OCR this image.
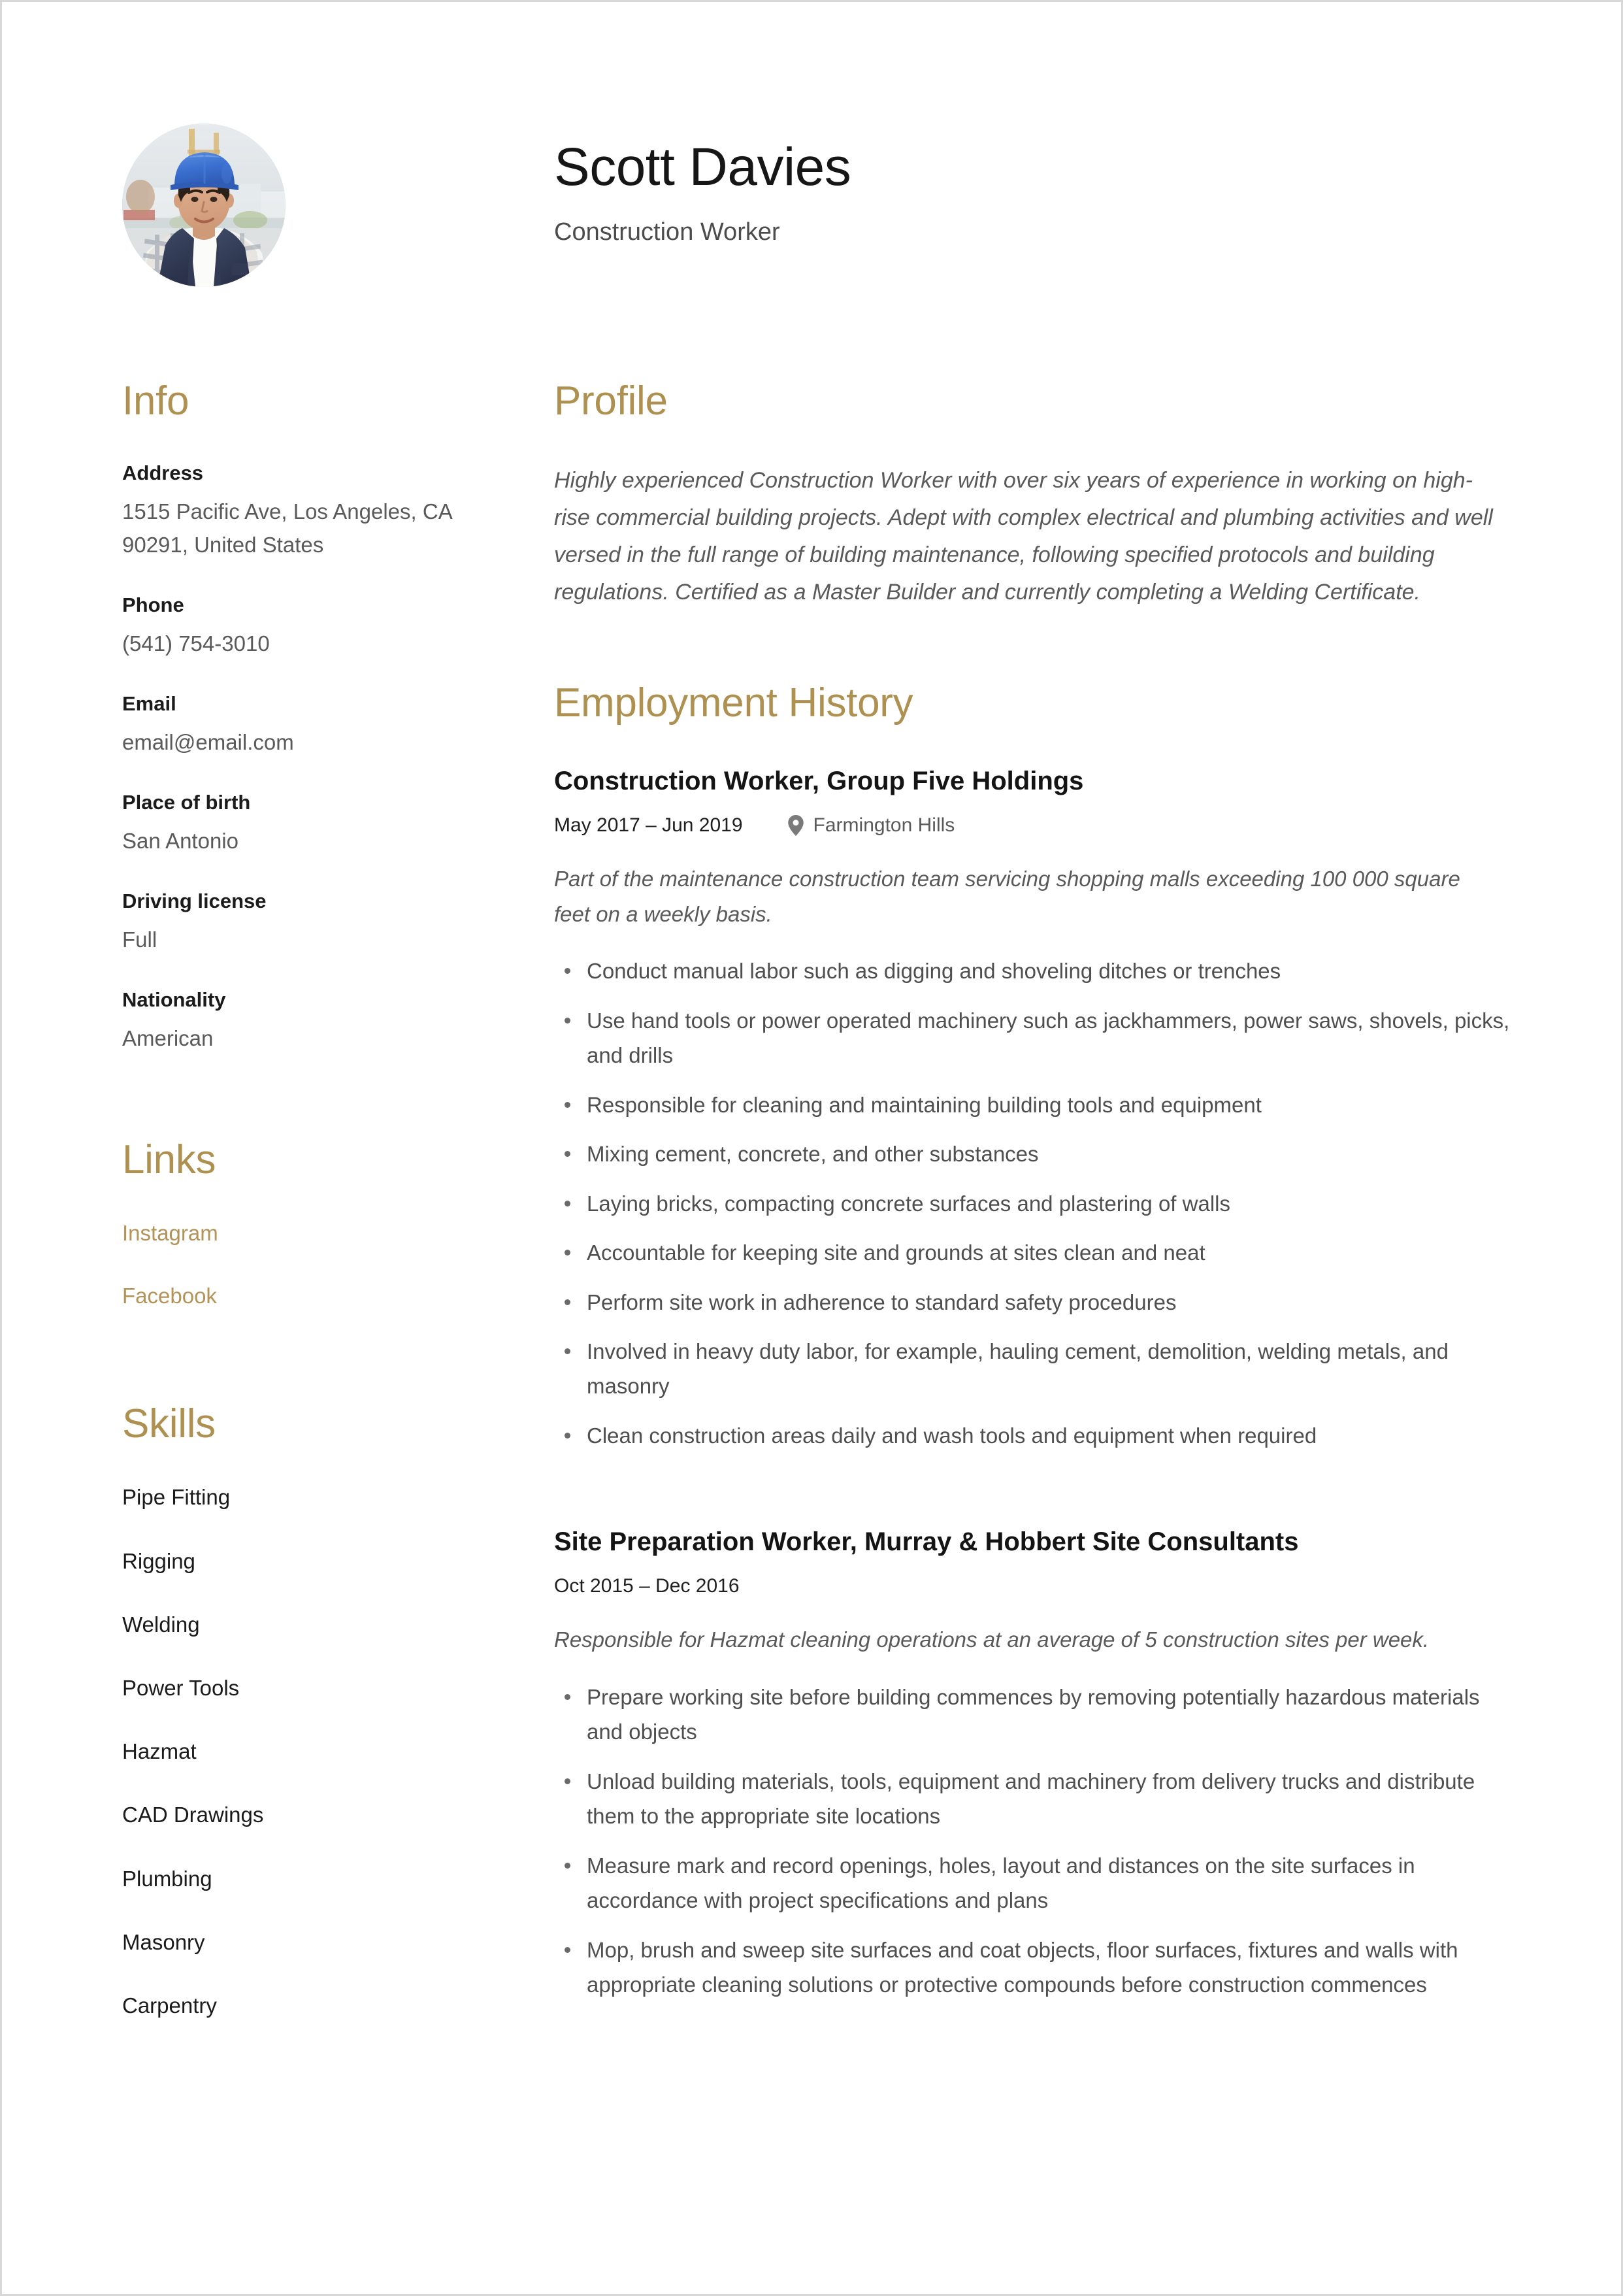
Scott Davies
Construction Worker
Info
Address
1515 Pacific Ave, Los Angeles, CA 90291, United States
Phone
(541) 754-3010
Email
email@email.com
Place of birth
San Antonio
Driving license
Full
Nationality
American
Links
Instagram
Facebook
Skills
Pipe Fitting
Rigging
Welding
Power Tools
Hazmat
CAD Drawings
Plumbing
Masonry
Carpentry
Profile
Highly experienced Construction Worker with over six years of experience in working on high-rise commercial building projects. Adept with complex electrical and plumbing activities and well versed in the full range of building maintenance, following specified protocols and building regulations. Certified as a Master Builder and currently completing a Welding Certificate.
Employment History
Construction Worker, Group Five Holdings
May 2017 – Jun 2019	Farmington Hills
Part of the maintenance construction team servicing shopping malls exceeding 100 000 square feet on a weekly basis.
Conduct manual labor such as digging and shoveling ditches or trenches
Use hand tools or power operated machinery such as jackhammers, power saws, shovels, picks, and drills
Responsible for cleaning and maintaining building tools and equipment
Mixing cement, concrete, and other substances
Laying bricks, compacting concrete surfaces and plastering of walls
Accountable for keeping site and grounds at sites clean and neat
Perform site work in adherence to standard safety procedures
Involved in heavy duty labor, for example, hauling cement, demolition, welding metals, and masonry
Clean construction areas daily and wash tools and equipment when required
Site Preparation Worker, Murray & Hobbert Site Consultants
Oct 2015 – Dec 2016
Responsible for Hazmat cleaning operations at an average of 5 construction sites per week.
Prepare working site before building commences by removing potentially hazardous materials and objects
Unload building materials, tools, equipment and machinery from delivery trucks and distribute them to the appropriate site locations
Measure mark and record openings, holes, layout and distances on the site surfaces in accordance with project specifications and plans
Mop, brush and sweep site surfaces and coat objects, floor surfaces, fixtures and walls with appropriate cleaning solutions or protective compounds before construction commences
